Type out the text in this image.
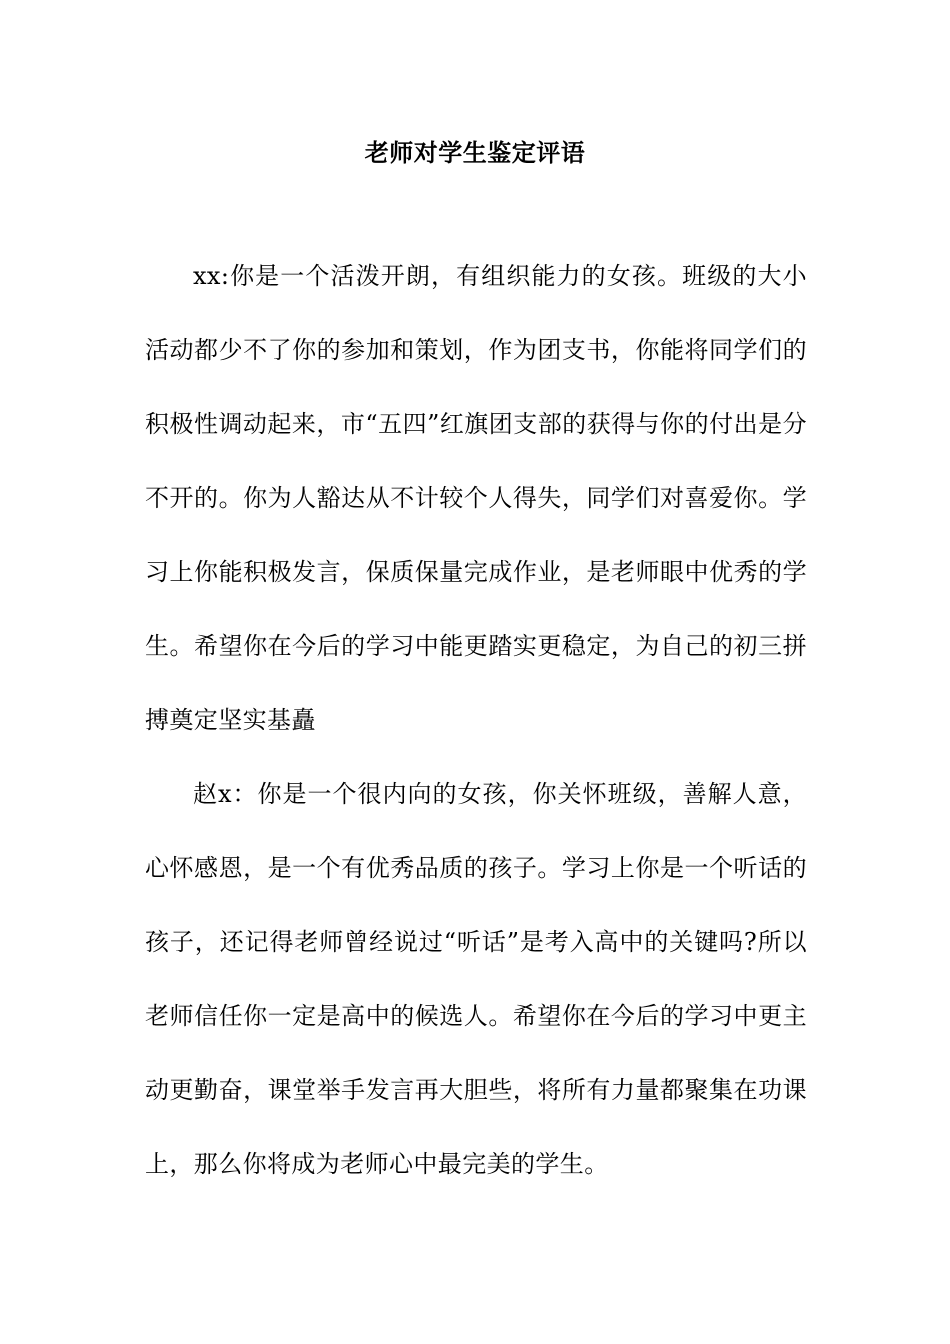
老师对学生鉴定评语

xx:你是一个活泼开朗，有组织能力的女孩。班级的大小活动都少不了你的参加和策划，作为团支书，你能将同学们的积极性调动起来，市“五四”红旗团支部的获得与你的付出是分不开的。你为人豁达从不计较个人得失，同学们对喜爱你。学习上你能积极发言，保质保量完成作业，是老师眼中优秀的学生。希望你在今后的学习中能更踏实更稳定，为自己的初三拼搏奠定坚实基矗

赵x：你是一个很内向的女孩，你关怀班级，善解人意，心怀感恩，是一个有优秀品质的孩子。学习上你是一个听话的孩子，还记得老师曾经说过“听话”是考入高中的关键吗?所以老师信任你一定是高中的候选人。希望你在今后的学习中更主动更勤奋，课堂举手发言再大胆些，将所有力量都聚集在功课上，那么你将成为老师心中最完美的学生。
